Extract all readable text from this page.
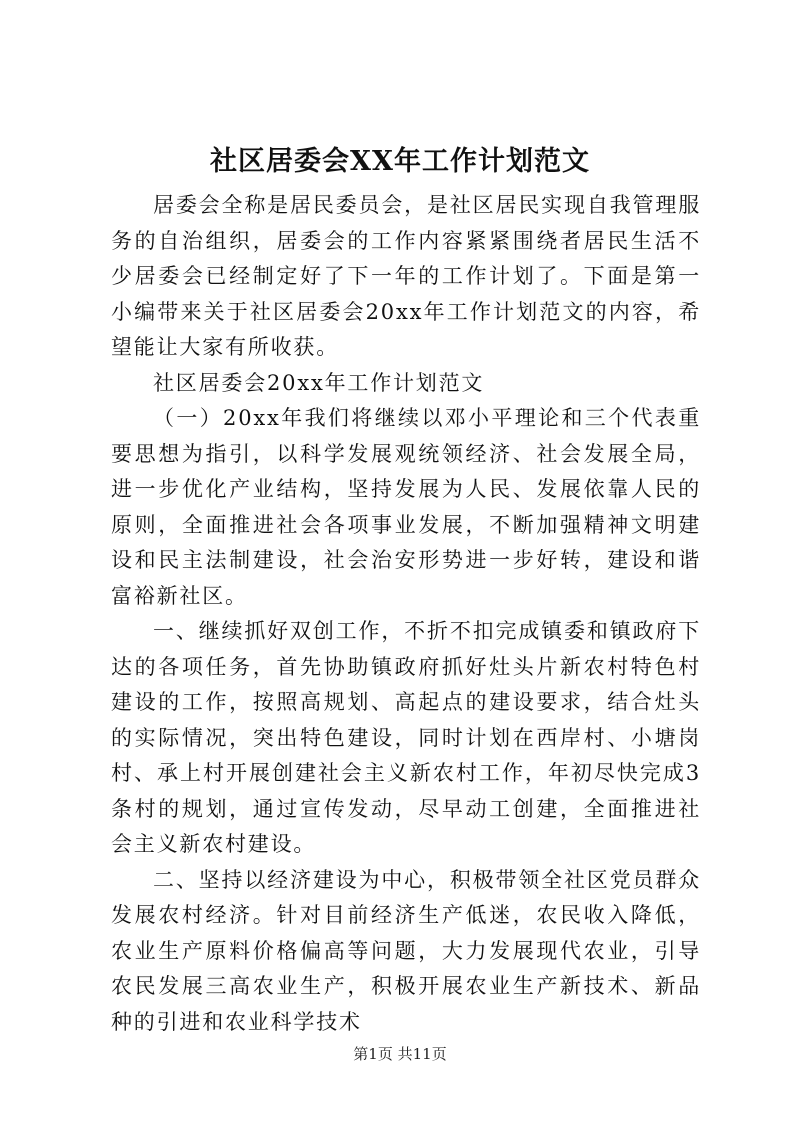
社区居委会XX年工作计划范文

居委会全称是居民委员会，是社区居民实现自我管理服务的自治组织，居委会的工作内容紧紧围绕者居民生活不少居委会已经制定好了下一年的工作计划了。下面是第一小编带来关于社区居委会20xx年工作计划范文的内容，希望能让大家有所收获。

社区居委会20xx年工作计划范文

（一）20xx年我们将继续以邓小平理论和三个代表重要思想为指引，以科学发展观统领经济、社会发展全局，进一步优化产业结构，坚持发展为人民、发展依靠人民的原则，全面推进社会各项事业发展，不断加强精神文明建设和民主法制建设，社会治安形势进一步好转，建设和谐富裕新社区。

一、继续抓好双创工作，不折不扣完成镇委和镇政府下达的各项任务，首先协助镇政府抓好灶头片新农村特色村建设的工作，按照高规划、高起点的建设要求，结合灶头的实际情况，突出特色建设，同时计划在西岸村、小塘岗村、承上村开展创建社会主义新农村工作，年初尽快完成3条村的规划，通过宣传发动，尽早动工创建，全面推进社会主义新农村建设。

二、坚持以经济建设为中心，积极带领全社区党员群众发展农村经济。针对目前经济生产低迷，农民收入降低，农业生产原料价格偏高等问题，大力发展现代农业，引导农民发展三高农业生产，积极开展农业生产新技术、新品种的引进和农业科学技术

第1页 共11页
